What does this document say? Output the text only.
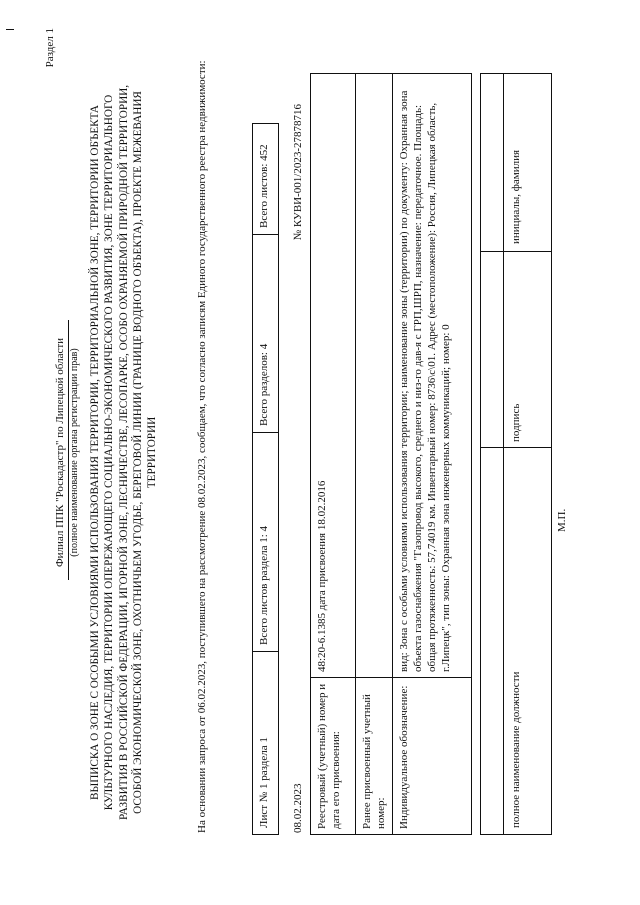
Раздел 1
Филиал ППК "Роскадастр" по Липецкой области (полное наименование органа регистрации прав) ВЫПИСКА О ЗОНЕ С ОСОБЫМИ УСЛОВИЯМИ ИСПОЛЬЗОВАНИЯ ТЕРРИТОРИИ, ТЕРРИТОРИАЛЬНОЙ ЗОНЕ, ТЕРРИТОРИИ ОБЪЕКТА КУЛЬТУРНОГО НАСЛЕДИЯ, ТЕРРИТОРИИ ОПЕРЕЖАЮЩЕГО СОЦИАЛЬНО-ЭКОНОМИЧЕСКОГО РАЗВИТИЯ, ЗОНЕ ТЕРРИТОРИАЛЬНОГО РАЗВИТИЯ В РОССИЙСКОЙ ФЕДЕРАЦИИ, ИГОРНОЙ ЗОНЕ, ЛЕСНИЧЕСТВЕ, ЛЕСОПАРКЕ, ОСОБО ОХРАНЯЕМОЙ ПРИРОДНОЙ ТЕРРИТОРИИ, ОСОБОЙ ЭКОНОМИЧЕСКОЙ ЗОНЕ, ОХОТНИЧЬЕМ УГОДЬЕ, БЕРЕГОВОЙ ЛИНИИ (ГРАНИЦЕ ВОДНОГО ОБЪЕКТА), ПРОЕКТЕ МЕЖЕВАНИЯ ТЕРРИТОРИИ	На основании запроса от 06.02.2023, поступившего на рассмотрение 08.02.2023, сообщаем, что согласно записям Единого государственного реестра недвижимости:	Лист № 1 раздела 1
Всего листов раздела 1: 4
Всего разделов: 4
Всего листов: 452
08.02.2023
№ КУВИ-001/2023-27878716
Реестровый (учетный) номер и дата его присвоения:	48:20-6.1385 дата присвоения 18.02.2016
Ранее присвоенный учетный номер:	
Индивидуальное обозначение:	вид: Зона с особыми условиями использования территории; наименование зоны (территории) по документу: Охранная зона объекта газоснабжения "Газопровод высокого, среднего и низ-го дав-я с ГРП,ШРП, назначение: передаточное. Площадь: общая протяженность: 57,74019 км. Инвентарный номер: 8736\с\01. Адрес (местоположение): Россия, Липецкая область, г.Липецк", тип зоны: Охранная зона инженерных коммуникаций; номер: 0
полное наименование должности
подпись
инициалы, фамилия
М.П.
